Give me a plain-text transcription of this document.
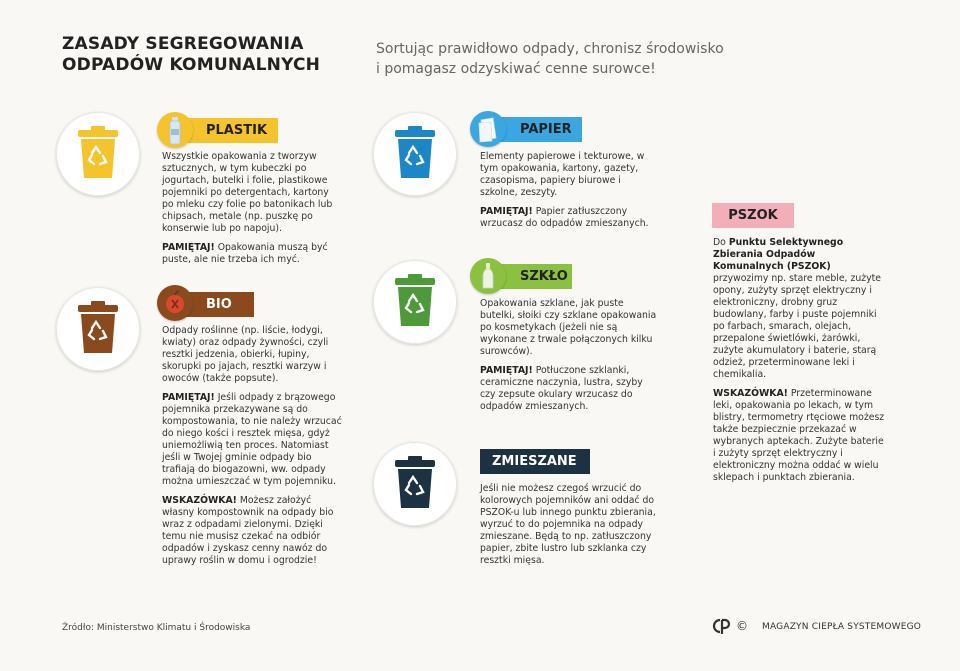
ZASADY SEGREGOWANIA
ODPADÓW KOMUNALNYCH
Sortując prawidłowo odpady, chronisz środowisko
i pomagasz odzyskiwać cenne surowce!
PLASTIK

Wszystkie opakowania z tworzyw sztucznych, w tym kubeczki po jogurtach, butelki i folie, plastikowe pojemniki po detergentach, kartony po mleku czy folie po batonikach lub chipsach, metale (np. puszkę po konserwie lub po napoju).

PAMIĘTAJ! Opakowania muszą być puste, ale nie trzeba ich myć.

BIO

Odpady roślinne (np. liście, łodygi, kwiaty) oraz odpady żywności, czyli resztki jedzenia, obierki, łupiny, skorupki po jajach, resztki warzyw i owoców (także popsute).

PAMIĘTAJ! Jeśli odpady z brązowego pojemnika przekazywane są do kompostowania, to nie należy wrzucać do niego kości i resztek mięsa, gdyż uniemożliwią ten proces. Natomiast jeśli w Twojej gminie odpady bio trafiają do biogazowni, ww. odpady można umieszczać w tym pojemniku.

WSKAZÓWKA! Możesz założyć własny kompostownik na odpady bio wraz z odpadami zielonymi. Dzięki temu nie musisz czekać na odbiór odpadów i zyskasz cenny nawóz do uprawy roślin w domu i ogrodzie!

PAPIER

Elementy papierowe i tekturowe, w tym opakowania, kartony, gazety, czasopisma, papiery biurowe i szkolne, zeszyty.

PAMIĘTAJ! Papier zatłuszczony wrzucasz do odpadów zmieszanych.

SZKŁO

Opakowania szklane, jak puste butelki, słoiki czy szklane opakowania po kosmetykach (jeżeli nie są wykonane z trwale połączonych kilku surowców).

PAMIĘTAJ! Potłuczone szklanki, ceramiczne naczynia, lustra, szyby czy zepsute okulary wrzucasz do odpadów zmieszanych.

ZMIESZANE

Jeśli nie możesz czegoś wrzucić do kolorowych pojemników ani oddać do PSZOK-u lub innego punktu zbierania, wyrzuć to do pojemnika na odpady zmieszane. Będą to np. zatłuszczony papier, zbite lustro lub szklanka czy resztki mięsa.

PSZOK

Do Punktu Selektywnego Zbierania Odpadów Komunalnych (PSZOK) przywozimy np. stare meble, zużyte opony, zużyty sprzęt elektryczny i elektroniczny, drobny gruz budowlany, farby i puste pojemniki po farbach, smarach, olejach, przepalone świetlówki, żarówki, zużyte akumulatory i baterie, starą odzież, przeterminowane leki i chemikalia.

WSKAZÓWKA! Przeterminowane leki, opakowania po lekach, w tym blistry, termometry rtęciowe możesz także bezpiecznie przekazać w wybranych aptekach. Zużyte baterie i zużyty sprzęt elektryczny i elektroniczny można oddać w wielu sklepach i punktach zbierania.

Źródło: Ministerstwo Klimatu i Środowiska	© MAGAZYN CIEPŁA SYSTEMOWEGO
